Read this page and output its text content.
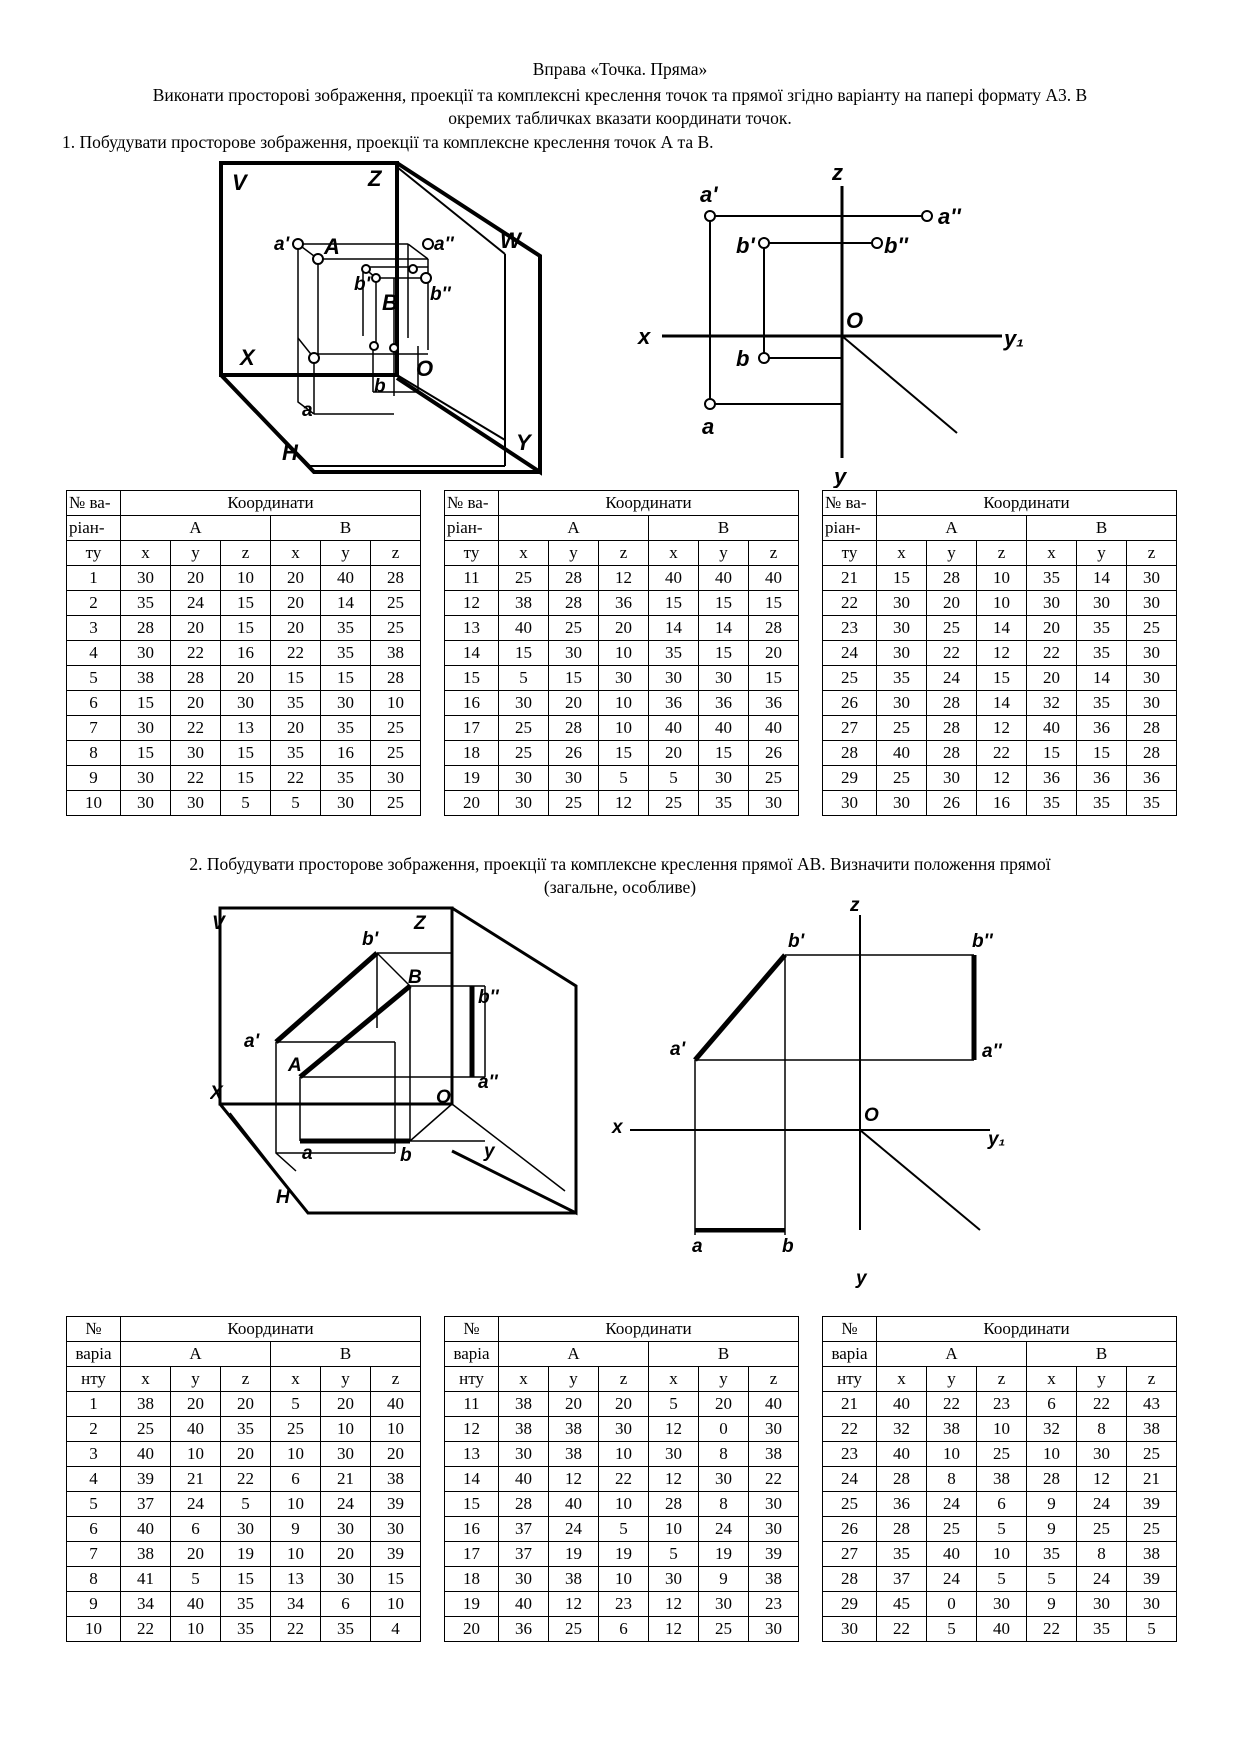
Вправа «Точка. Пряма»
Виконати просторові зображення, проекції та комплексні креслення точок та прямої згідно варіанту на папері формату А3. В
окремих табличках вказати координати точок.
1. Побудувати просторове зображення, проекції та комплексне креслення точок А та В.
V	Z
W
X
H	Y
A
B
O
a'	a''
b'	b''
a
b
z
a'
a''
b'	b''
x
O
y₁
b
a
y
№ ва-	Координати					
ріан-	A			B		
ту	x	y	z	x	y	z
1	30	20	10	20	40	28
2	35	24	15	20	14	25
3	28	20	15	20	35	25
4	30	22	16	22	35	38
5	38	28	20	15	15	28
6	15	20	30	35	30	10
7	30	22	13	20	35	25
8	15	30	15	35	16	25
9	30	22	15	22	35	30
10	30	30	5	5	30	25
№ ва-	Координати					
ріан-	A			B		
ту	x	y	z	x	y	z
11	25	28	12	40	40	40
12	38	28	36	15	15	15
13	40	25	20	14	14	28
14	15	30	10	35	15	20
15	5	15	30	30	30	15
16	30	20	10	36	36	36
17	25	28	10	40	40	40
18	25	26	15	20	15	26
19	30	30	5	5	30	25
20	30	25	12	25	35	30
№ ва-	Координати					
ріан-	A			B		
ту	x	y	z	x	y	z
21	15	28	10	35	14	30
22	30	20	10	30	30	30
23	30	25	14	20	35	25
24	30	22	12	22	35	30
25	35	24	15	20	14	30
26	30	28	14	32	35	30
27	25	28	12	40	36	28
28	40	28	22	15	15	28
29	25	30	12	36	36	36
30	30	26	16	35	35	35
2. Побудувати просторове зображення, проекції та комплексне креслення прямої АВ. Визначити положення прямої
(загальне, особливе)
V	Z
b'
B
b''
a'
A
a''
X	O
a	b	y
H
z
b'	b''
a'	a''
x
O
y₁
a	b
y
№	Координати					
варіа	A			B		
нту	x	y	z	x	y	z
1	38	20	20	5	20	40
2	25	40	35	25	10	10
3	40	10	20	10	30	20
4	39	21	22	6	21	38
5	37	24	5	10	24	39
6	40	6	30	9	30	30
7	38	20	19	10	20	39
8	41	5	15	13	30	15
9	34	40	35	34	6	10
10	22	10	35	22	35	4
№	Координати					
варіа	A			B		
нту	x	y	z	x	y	z
11	38	20	20	5	20	40
12	38	38	30	12	0	30
13	30	38	10	30	8	38
14	40	12	22	12	30	22
15	28	40	10	28	8	30
16	37	24	5	10	24	30
17	37	19	19	5	19	39
18	30	38	10	30	9	38
19	40	12	23	12	30	23
20	36	25	6	12	25	30
№	Координати					
варіа	A			B		
нту	x	y	z	x	y	z
21	40	22	23	6	22	43
22	32	38	10	32	8	38
23	40	10	25	10	30	25
24	28	8	38	28	12	21
25	36	24	6	9	24	39
26	28	25	5	9	25	25
27	35	40	10	35	8	38
28	37	24	5	5	24	39
29	45	0	30	9	30	30
30	22	5	40	22	35	5
